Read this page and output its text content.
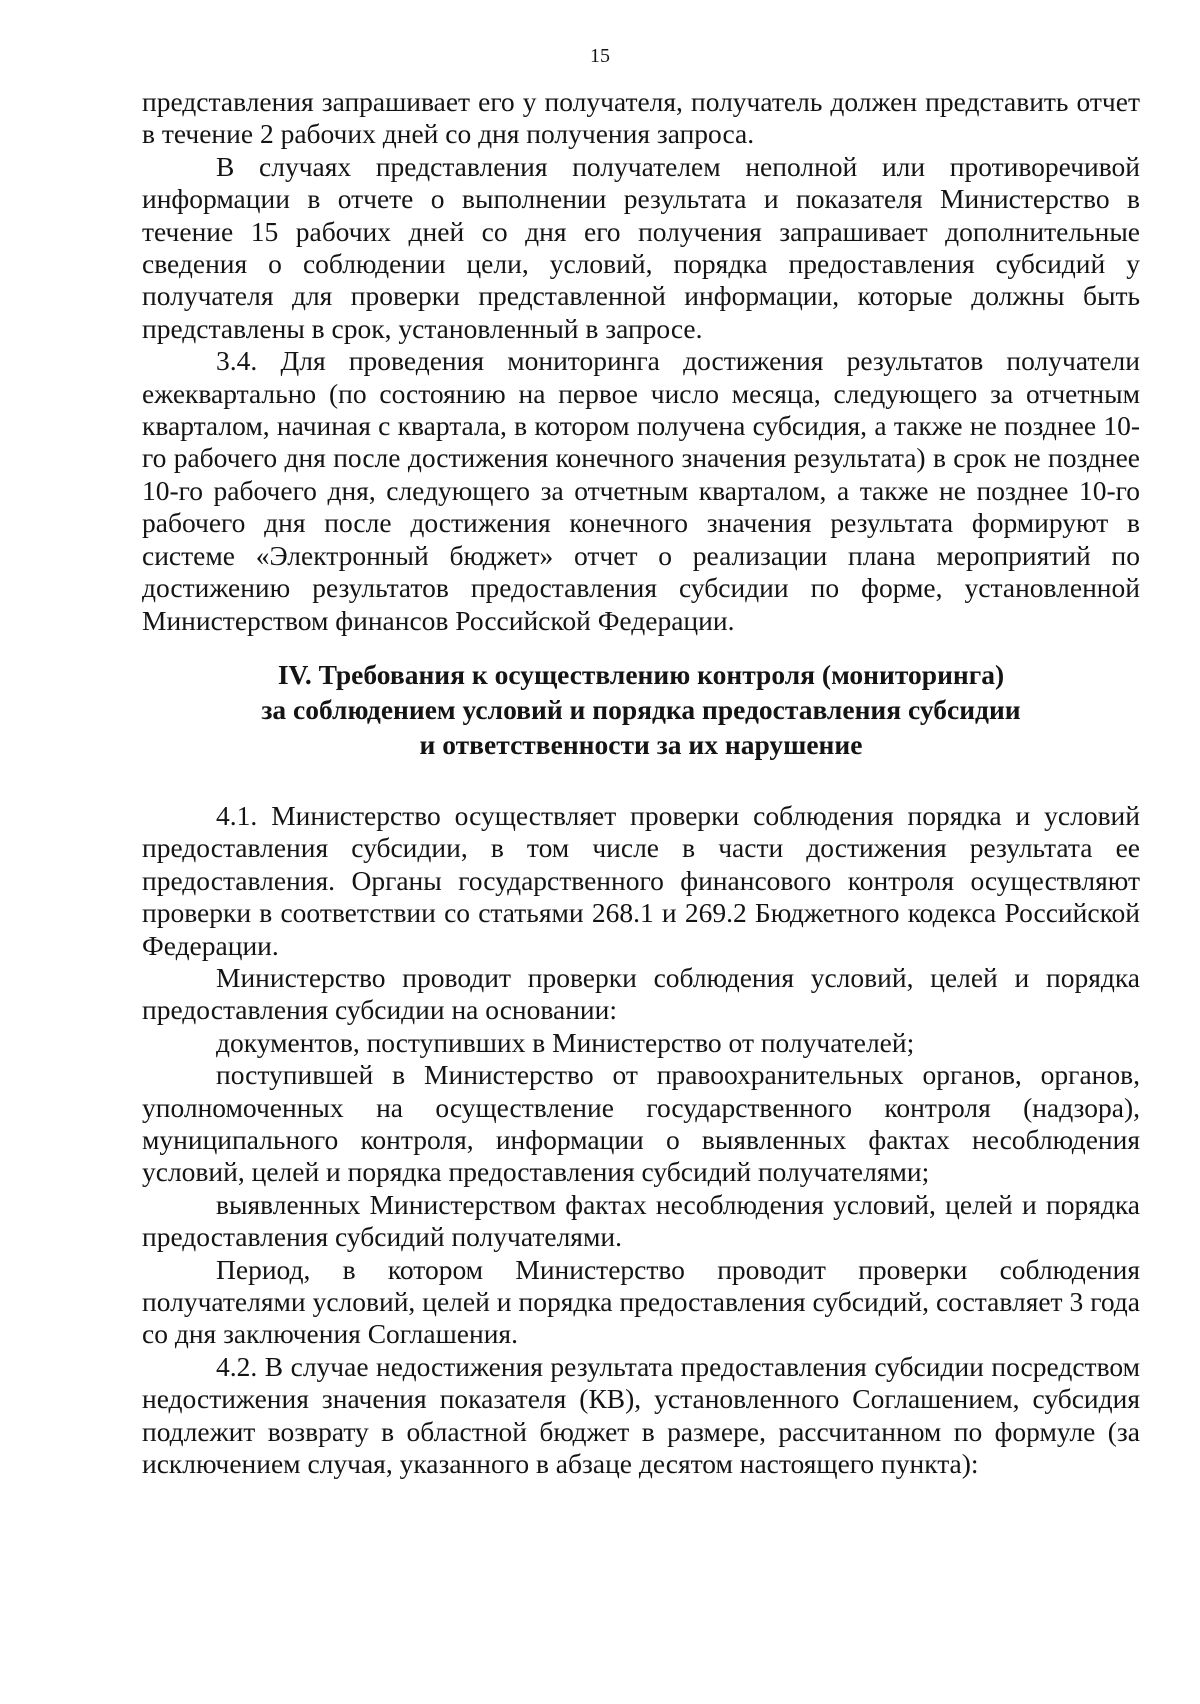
15

представления запрашивает его у получателя, получатель должен представить отчет в течение 2 рабочих дней со дня получения запроса.

В случаях представления получателем неполной или противоречивой информации в отчете о выполнении результата и показателя Министерство в течение 15 рабочих дней со дня его получения запрашивает дополнительные сведения о соблюдении цели, условий, порядка предоставления субсидий у получателя для проверки представленной информации, которые должны быть представлены в срок, установленный в запросе.

3.4. Для проведения мониторинга достижения результатов получатели ежеквартально (по состоянию на первое число месяца, следующего за отчетным кварталом, начиная с квартала, в котором получена субсидия, а также не позднее 10-го рабочего дня после достижения конечного значения результата) в срок не позднее 10-го рабочего дня, следующего за отчетным кварталом, а также не позднее 10-го рабочего дня после достижения конечного значения результата формируют в системе «Электронный бюджет» отчет о реализации плана мероприятий по достижению результатов предоставления субсидии по форме, установленной Министерством финансов Российской Федерации.

IV. Требования к осуществлению контроля (мониторинга)
за соблюдением условий и порядка предоставления субсидии
и ответственности за их нарушение

4.1. Министерство осуществляет проверки соблюдения порядка и условий предоставления субсидии, в том числе в части достижения результата ее предоставления. Органы государственного финансового контроля осуществляют проверки в соответствии со статьями 268.1 и 269.2 Бюджетного кодекса Российской Федерации.

Министерство проводит проверки соблюдения условий, целей и порядка предоставления субсидии на основании:

документов, поступивших в Министерство от получателей;

поступившей в Министерство от правоохранительных органов, органов, уполномоченных на осуществление государственного контроля (надзора), муниципального контроля, информации о выявленных фактах несоблюдения условий, целей и порядка предоставления субсидий получателями;

выявленных Министерством фактах несоблюдения условий, целей и порядка предоставления субсидий получателями.

Период, в котором Министерство проводит проверки соблюдения получателями условий, целей и порядка предоставления субсидий, составляет 3 года со дня заключения Соглашения.

4.2. В случае недостижения результата предоставления субсидии посредством недостижения значения показателя (КВ), установленного Соглашением, субсидия подлежит возврату в областной бюджет в размере, рассчитанном по формуле (за исключением случая, указанного в абзаце десятом настоящего пункта):
